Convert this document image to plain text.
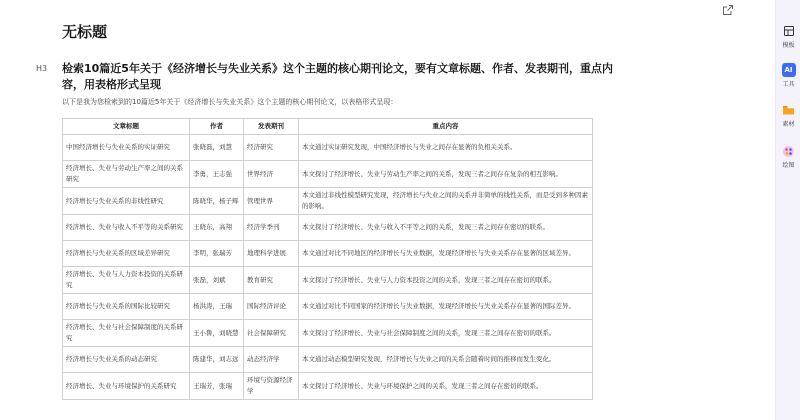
无标题
H3 检索10篇近5年关于《经济增长与失业关系》这个主题的核心期刊论文，要有文章标题、作者、发表期刊，重点内容，用表格形式呈现
以下是我为您检索到的10篇近5年关于《经济增长与失业关系》这个主题的核心期刊论文，以表格形式呈现：
文章标题	作者	发表期刊	重点内容
中国经济增长与失业关系的实证研究	张晓磊，刘慧	经济研究	本文通过实证研究发现，中国经济增长与失业之间存在显著的负相关关系。
经济增长、失业与劳动生产率之间的关系研究	李勇，王志强	世界经济	本文探讨了经济增长、失业与劳动生产率之间的关系，发现三者之间存在复杂的相互影响。
经济增长与失业关系的非线性研究	陈晓华，杨子辉	管理世界	本文通过非线性模型研究发现，经济增长与失业之间的关系并非简单的线性关系，而是受到多种因素的影响。
经济增长、失业与收入不平等的关系研究	王晓东，高翔	经济学季刊	本文探讨了经济增长、失业与收入不平等之间的关系，发现三者之间存在密切的联系。
经济增长与失业关系的区域差异研究	李明，张瑞芳	地理科学进展	本文通过对比不同地区的经济增长与失业数据，发现经济增长与失业关系存在显著的区域差异。
经济增长、失业与人力资本投资的关系研究	张磊，刘斌	教育研究	本文探讨了经济增长、失业与人力资本投资之间的关系，发现三者之间存在密切的联系。
经济增长与失业关系的国际比较研究	杨洪涛，王瑞	国际经济评论	本文通过对比不同国家的经济增长与失业数据，发现经济增长与失业关系存在显著的国际差异。
经济增长、失业与社会保障制度的关系研究	王小鲁，刘晓慧	社会保障研究	本文探讨了经济增长、失业与社会保障制度之间的关系，发现三者之间存在密切的联系。
经济增长与失业关系的动态研究	陈建华，刘志远	动态经济学	本文通过动态模型研究发现，经济增长与失业之间的关系会随着时间的推移而发生变化。
经济增长、失业与环境保护的关系研究	王瑞芳，张瑞	环境与资源经济学	本文探讨了经济增长、失业与环境保护之间的关系，发现三者之间存在密切的联系。
模板
AI
工具
素材
绘图
